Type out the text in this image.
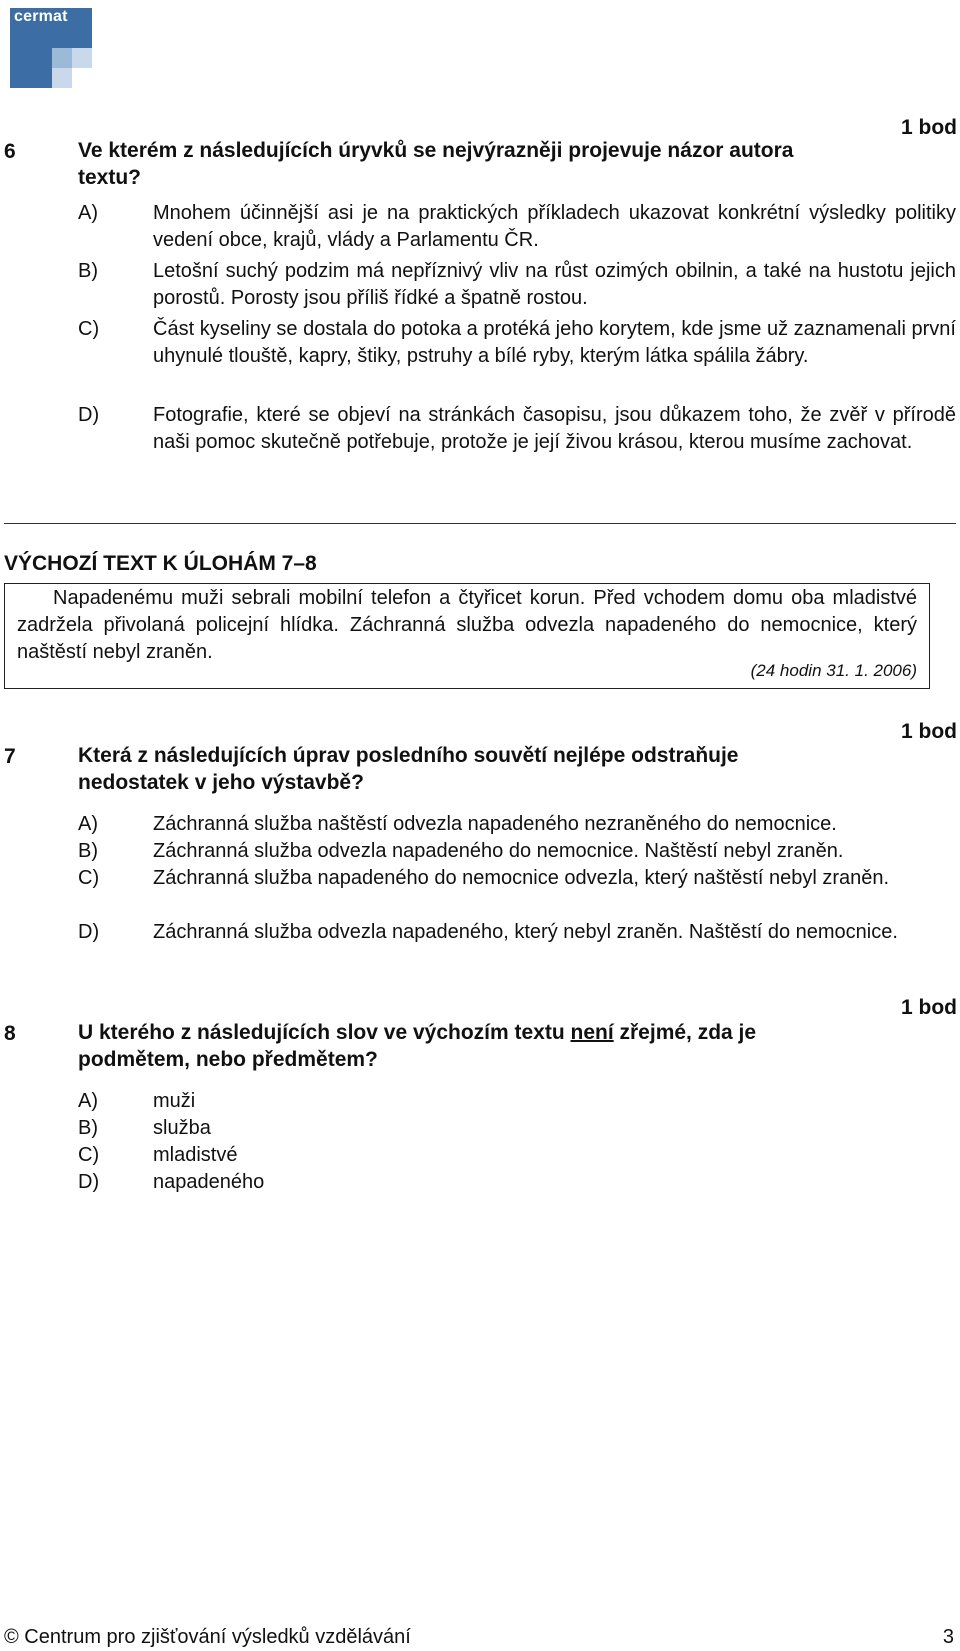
cermat
1 bod
6	Ve kterém z následujících úryvků se nejvýrazněji projevuje názor autora textu?
A)	Mnohem účinnější asi je na praktických příkladech ukazovat konkrétní výsledky politiky vedení obce, krajů, vlády a Parlamentu ČR.
B)	Letošní suchý podzim má nepříznivý vliv na růst ozimých obilnin, a také na hustotu jejich porostů. Porosty jsou příliš řídké a špatně rostou.
C)	Část kyseliny se dostala do potoka a protéká jeho korytem, kde jsme už zaznamenali první uhynulé tlouště, kapry, štiky, pstruhy a bílé ryby, kterým látka spálila žábry.
D)	Fotografie, které se objeví na stránkách časopisu, jsou důkazem toho, že zvěř v přírodě naši pomoc skutečně potřebuje, protože je její živou krásou, kterou musíme zachovat.
VÝCHOZÍ TEXT K ÚLOHÁM 7–8
Napadenému muži sebrali mobilní telefon a čtyřicet korun. Před vchodem domu oba mladistvé zadržela přivolaná policejní hlídka. Záchranná služba odvezla napadeného do nemocnice, který naštěstí nebyl zraněn.
(24 hodin 31. 1. 2006)
1 bod
7	Která z následujících úprav posledního souvětí nejlépe odstraňuje nedostatek v jeho výstavbě?
A)	Záchranná služba naštěstí odvezla napadeného nezraněného do nemocnice.
B)	Záchranná služba odvezla napadeného do nemocnice. Naštěstí nebyl zraněn.
C)	Záchranná služba napadeného do nemocnice odvezla, který naštěstí nebyl zraněn.
D)	Záchranná služba odvezla napadeného, který nebyl zraněn. Naštěstí do nemocnice.
1 bod
8	U kterého z následujících slov ve výchozím textu není zřejmé, zda je podmětem, nebo předmětem?
A)	muži
B)	služba
C)	mladistvé
D)	napadeného
© Centrum pro zjišťování výsledků vzdělávání	3
